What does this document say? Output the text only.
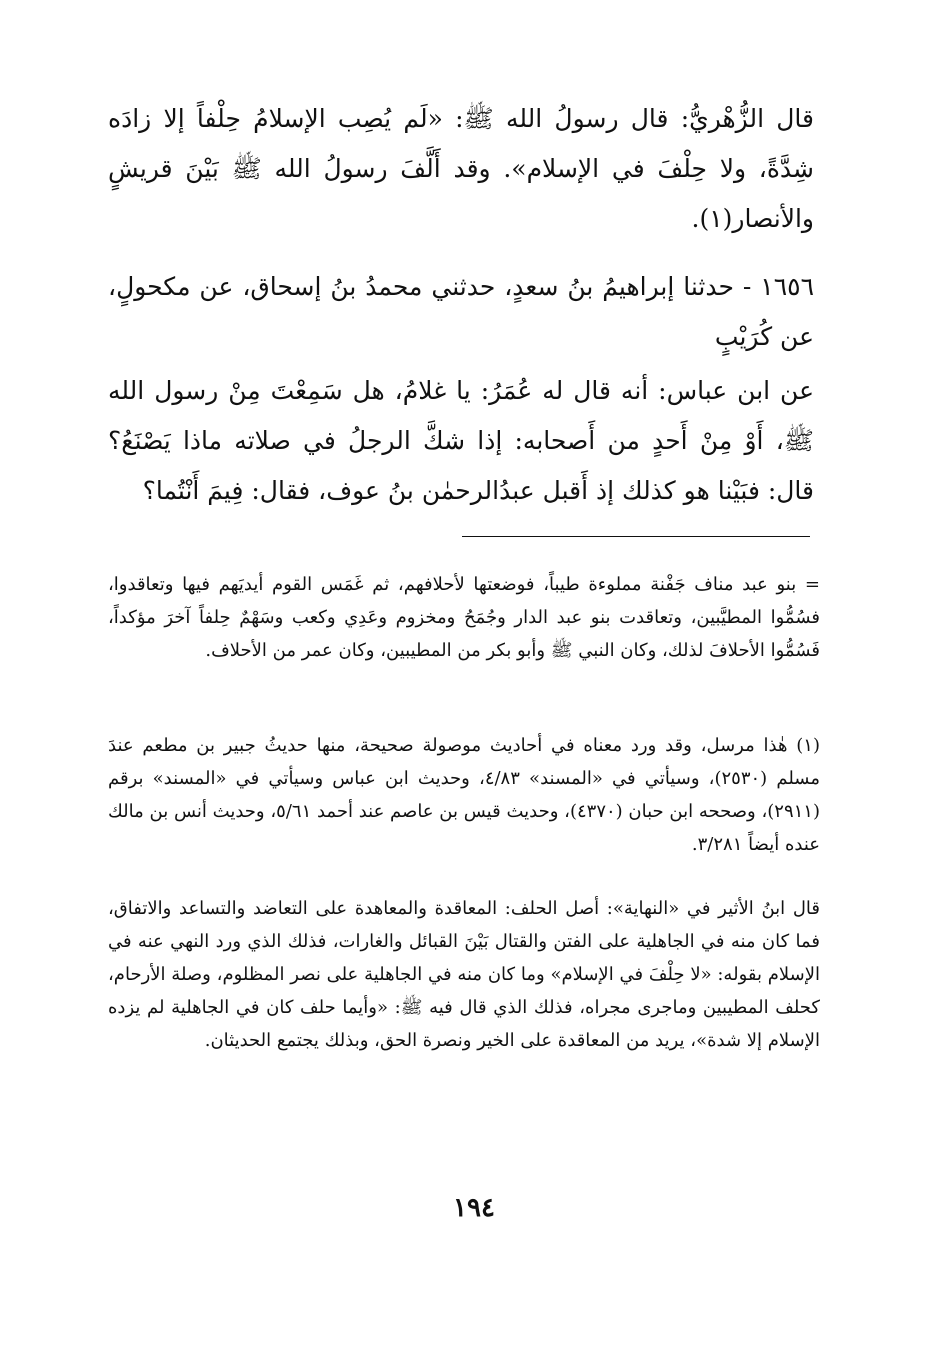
قال الزُّهْريُّ: قال رسولُ الله ﷺ: «لَم يُصِب الإسلامُ حِلْفاً إلا زادَه شِدَّةً، ولا حِلْفَ في الإسلام». وقد أَلَّفَ رسولُ الله ﷺ بَيْنَ قريشٍ والأنصار(١).

١٦٥٦ - حدثنا إبراهيمُ بنُ سعدٍ، حدثني محمدُ بنُ إسحاق، عن مكحولٍ، عن كُرَيْبٍ

عن ابن عباس: أنه قال له عُمَرُ: يا غلامُ، هل سَمِعْتَ مِنْ رسول الله ﷺ، أَوْ مِنْ أَحدٍ من أَصحابه: إذا شكَّ الرجلُ في صلاته ماذا يَصْنَعُ؟ قال: فبَيْنا هو كذلك إذ أَقبل عبدُالرحمٰن بنُ عوف، فقال: فِيمَ أَنْتُما؟

= بنو عبد مناف جَفْنة مملوءة طيباً، فوضعتها لأحلافهم، ثم غَمَس القوم أيديَهم فيها وتعاقدوا، فسُمُّوا المطيَّبين، وتعاقدت بنو عبد الدار وجُمَحُ ومخزوم وعَدِي وكعب وسَهْمٌ حِلفاً آخرَ مؤكداً، فَسُمُّوا الأحلافَ لذلك، وكان النبي ﷺ وأبو بكر من المطيبين، وكان عمر من الأحلاف.

(١) هٰذا مرسل، وقد ورد معناه في أحاديث موصولة صحيحة، منها حديثُ جبير بن مطعم عندَ مسلم (٢٥٣٠)، وسيأتي في «المسند» ٤/٨٣، وحديث ابن عباس وسيأتي في «المسند» برقم (٢٩١١)، وصححه ابن حبان (٤٣٧٠)، وحديث قيس بن عاصم عند أحمد ٥/٦١، وحديث أنس بن مالك عنده أيضاً ٣/٢٨١.

قال ابنُ الأثير في «النهاية»: أصل الحلف: المعاقدة والمعاهدة على التعاضد والتساعد والاتفاق، فما كان منه في الجاهلية على الفتن والقتال بَيْنَ القبائل والغارات، فذلك الذي ورد النهي عنه في الإسلام بقوله: «لا حِلْفَ في الإسلام» وما كان منه في الجاهلية على نصر المظلوم، وصلة الأرحام، كحلف المطيبين وماجرى مجراه، فذلك الذي قال فيه ﷺ: «وأيما حلف كان في الجاهلية لم يزده الإسلام إلا شدة»، يريد من المعاقدة على الخير ونصرة الحق، وبذلك يجتمع الحديثان.

١٩٤
